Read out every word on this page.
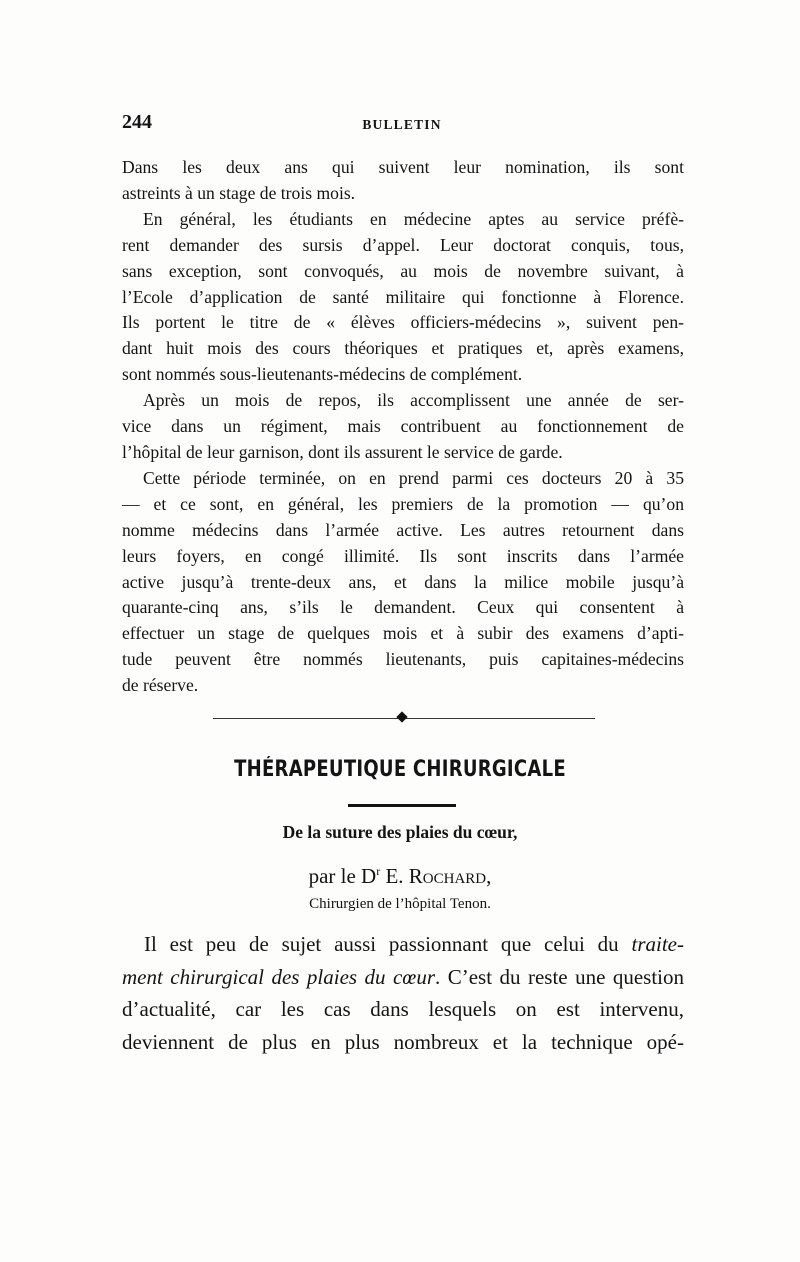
244	BULLETIN
Dans les deux ans qui suivent leur nomination, ils sont
astreints à un stage de trois mois.
En général, les étudiants en médecine aptes au service préfè-
rent demander des sursis d’appel. Leur doctorat conquis, tous,
sans exception, sont convoqués, au mois de novembre suivant, à
l’Ecole d’application de santé militaire qui fonctionne à Florence.
Ils portent le titre de « élèves officiers-médecins », suivent pen-
dant huit mois des cours théoriques et pratiques et, après examens,
sont nommés sous-lieutenants-médecins de complément.
Après un mois de repos, ils accomplissent une année de ser-
vice dans un régiment, mais contribuent au fonctionnement de
l’hôpital de leur garnison, dont ils assurent le service de garde.
Cette période terminée, on en prend parmi ces docteurs 20 à 35
— et ce sont, en général, les premiers de la promotion — qu’on
nomme médecins dans l’armée active. Les autres retournent dans
leurs foyers, en congé illimité. Ils sont inscrits dans l’armée
active jusqu’à trente-deux ans, et dans la milice mobile jusqu’à
quarante-cinq ans, s’ils le demandent. Ceux qui consentent à
effectuer un stage de quelques mois et à subir des examens d’apti-
tude peuvent être nommés lieutenants, puis capitaines-médecins
de réserve.
THÉRAPEUTIQUE CHIRURGICALE
De la suture des plaies du cœur,
par le $D^r$ E. Rochard,
Chirurgien de l’hôpital Tenon.
Il est peu de sujet aussi passionnant que celui du traite-
ment chirurgical des plaies du cœur. C’est du reste une question
d’actualité, car les cas dans lesquels on est intervenu,
deviennent de plus en plus nombreux et la technique opé-
